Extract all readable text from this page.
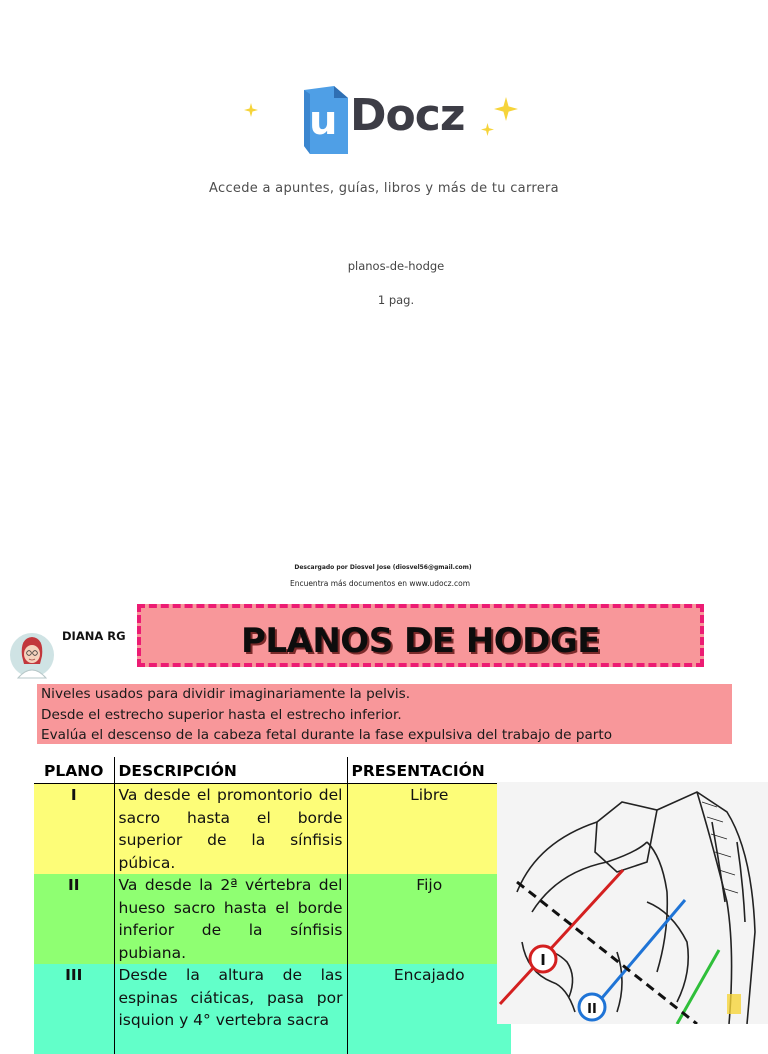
u Docz
Accede a apuntes, guías, libros y más de tu carrera
planos-de-hodge
1 pag.
Descargado por Diosvel Jose (diosvel56@gmail.com)
Encuentra más documentos en www.udocz.com
DIANA RG	PLANOS DE HODGE
Niveles usados para dividir imaginariamente la pelvis.
Desde el estrecho superior hasta el estrecho inferior.
Evalúa el descenso de la cabeza fetal durante la fase expulsiva del trabajo de parto
PLANO	DESCRIPCIÓN	PRESENTACIÓN
I	Va desde el promontorio del sacro hasta el borde superior de la sínfisis púbica.	Libre
II	Va desde la 2ª vértebra del hueso sacro hasta el borde inferior de la sínfisis pubiana.	Fijo
III	Desde la altura de las espinas ciáticas, pasa por isquion y 4° vertebra sacra	Encajado
I
II
